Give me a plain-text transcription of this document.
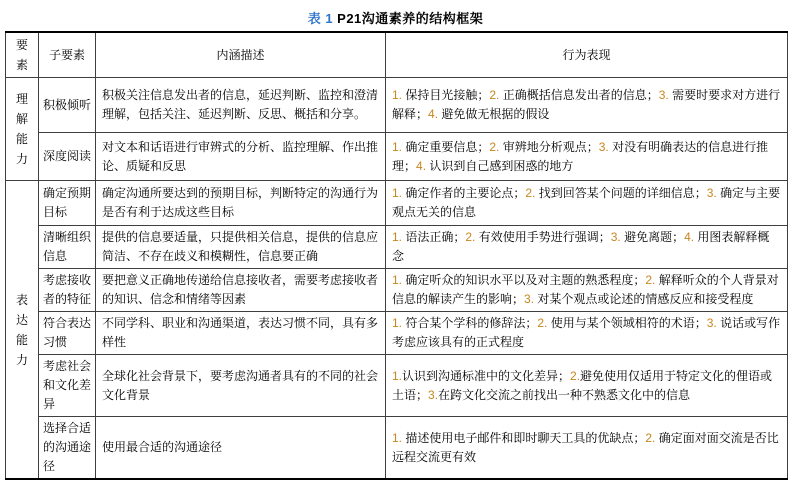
表 1 P21沟通素养的结构框架
要素	子要素	内涵描述	行为表现

理解能力	积极倾听	积极关注信息发出者的信息，延迟判断、监控和澄清理解，包括关注、延迟判断、反思、概括和分享。	1. 保持目光接触；2. 正确概括信息发出者的信息；3. 需要时要求对方进行解释；4. 避免做无根据的假设
	深度阅读	对文本和话语进行审辨式的分析、监控理解、作出推论、质疑和反思	1. 确定重要信息；2. 审辨地分析观点；3. 对没有明确表达的信息进行推理；4. 认识到自己感到困惑的地方

表达能力	确定预期目标	确定沟通所要达到的预期目标，判断特定的沟通行为是否有利于达成这些目标	1. 确定作者的主要论点；2. 找到回答某个问题的详细信息；3. 确定与主要观点无关的信息
	清晰组织信息	提供的信息要适量，只提供相关信息，提供的信息应简洁、不存在歧义和模糊性，信息要正确	1. 语法正确；2. 有效使用手势进行强调；3. 避免离题；4. 用图表解释概念
	考虑接收者的特征	要把意义正确地传递给信息接收者，需要考虑接收者的知识、信念和情绪等因素	1. 确定听众的知识水平以及对主题的熟悉程度；2. 解释听众的个人背景对信息的解读产生的影响；3. 对某个观点或论述的情感反应和接受程度
	符合表达习惯	不同学科、职业和沟通渠道，表达习惯不同，具有多样性	1. 符合某个学科的修辞法；2. 使用与某个领域相符的术语；3. 说话或写作考虑应该具有的正式程度
	考虑社会和文化差异	全球化社会背景下，要考虑沟通者具有的不同的社会文化背景	1.认识到沟通标准中的文化差异；2.避免使用仅适用于特定文化的俚语或土语；3.在跨文化交流之前找出一种不熟悉文化中的信息
	选择合适的沟通途径	使用最合适的沟通途径	1. 描述使用电子邮件和即时聊天工具的优缺点；2. 确定面对面交流是否比远程交流更有效
